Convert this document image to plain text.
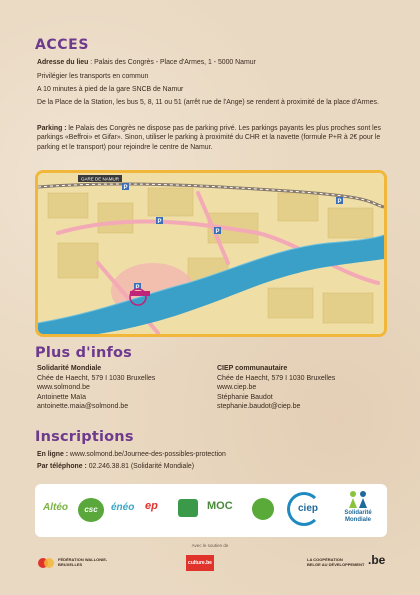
ACCES
Adresse du lieu : Palais des Congrès - Place d'Armes, 1 - 5000 Namur
Privilégier les transports en commun
A 10 minutes à pied de la gare SNCB de Namur
De la Place de la Station, les bus 5, 8, 11 ou 51 (arrêt rue de l'Ange) se rendent à proximité de la place d'Armes.
Parking : le Palais des Congrès ne dispose pas de parking privé. Les parkings payants les plus proches sont les parkings «Beffroi» et Gifar». Sinon, utiliser le parking à proximité du CHR et la navette (formule P+R à 2€ pour le parking et le transport) pour rejoindre le centre de Namur.
P
P
P
P
P
GARE DE NAMUR
Plus d'infos
Solidarité Mondiale
Chée de Haecht, 579 I 1030 Bruxelles
www.solmond.be
Antoinette Maïa
antoinette.maia@solmond.be
CIEP communautaire
Chée de Haecht, 579 I 1030 Bruxelles
www.ciep.be
Stéphanie Baudot
stephanie.baudot@ciep.be
Inscriptions
En ligne : www.solmond.be/Journee-des-possibles-protection
Par téléphone : 02.246.38.81 (Solidarité Mondiale)
Altéo	csc	énéo ep	MOC	ciep	Solidarité
Mondiale
Avec le soutien de
FÉDÉRATION WALLONIE-BRUXELLES	culture.be
LA COOPÉRATION
BELGE AU DÉVELOPPEMENT .be
